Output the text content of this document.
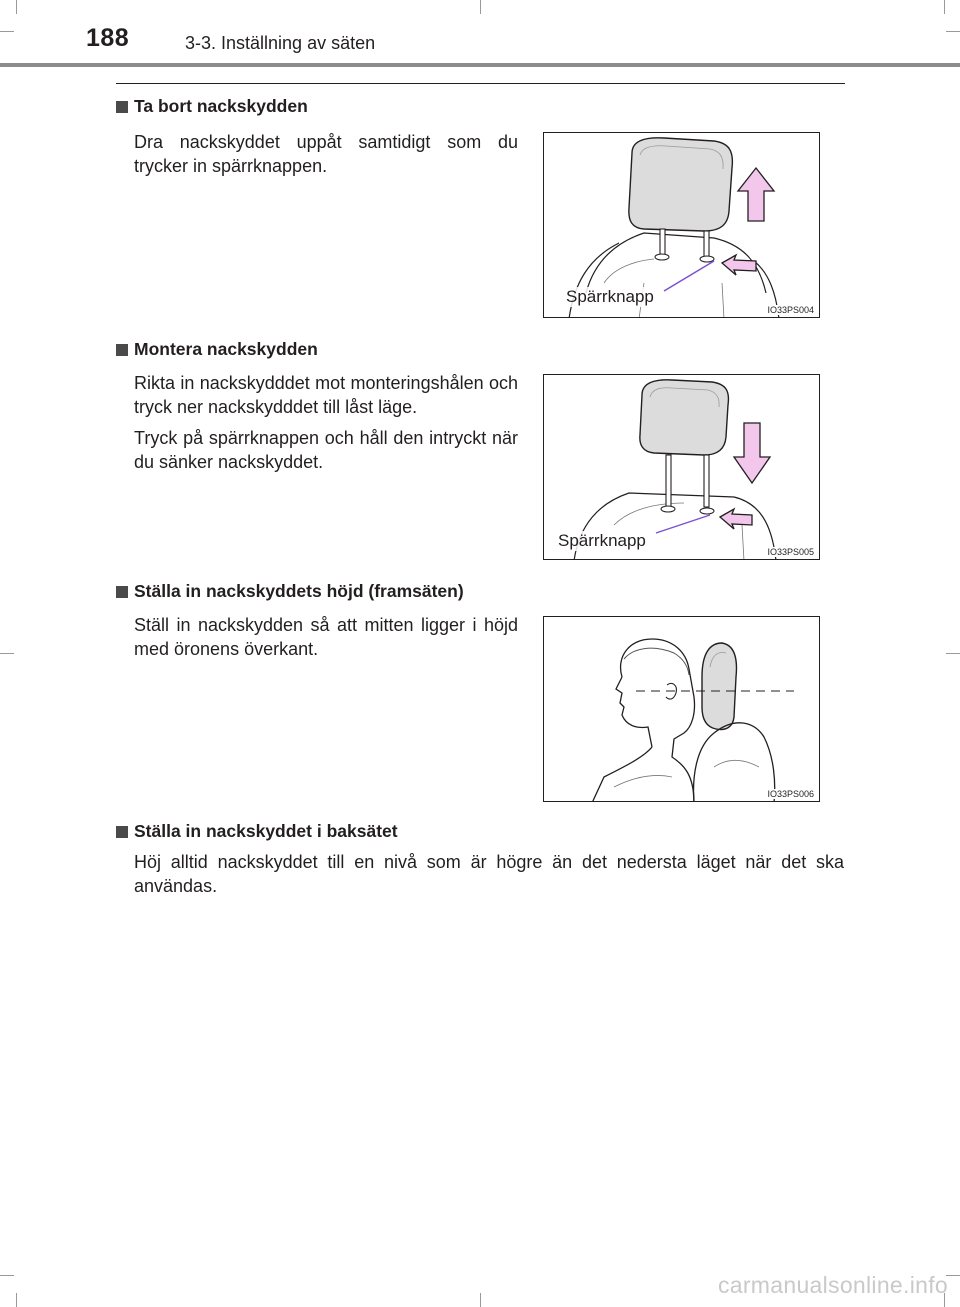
188	3-3. Inställning av säten
Ta bort nackskydden

Dra nackskyddet uppåt samtidigt som du trycker in spärrknappen.

Spärrknapp
IO33PS004
Montera nackskydden

Rikta in nackskydddet mot monteringshålen och tryck ner nackskydddet till låst läge.

Tryck på spärrknappen och håll den intryckt när du sänker nackskyddet.

Spärrknapp
IO33PS005
Ställa in nackskyddets höjd (framsäten)

Ställ in nackskydden så att mitten ligger i höjd med öronens överkant.

IO33PS006
Ställa in nackskyddet i baksätet

Höj alltid nackskyddet till en nivå som är högre än det nedersta läget när det ska användas.

carmanualsonline.info
